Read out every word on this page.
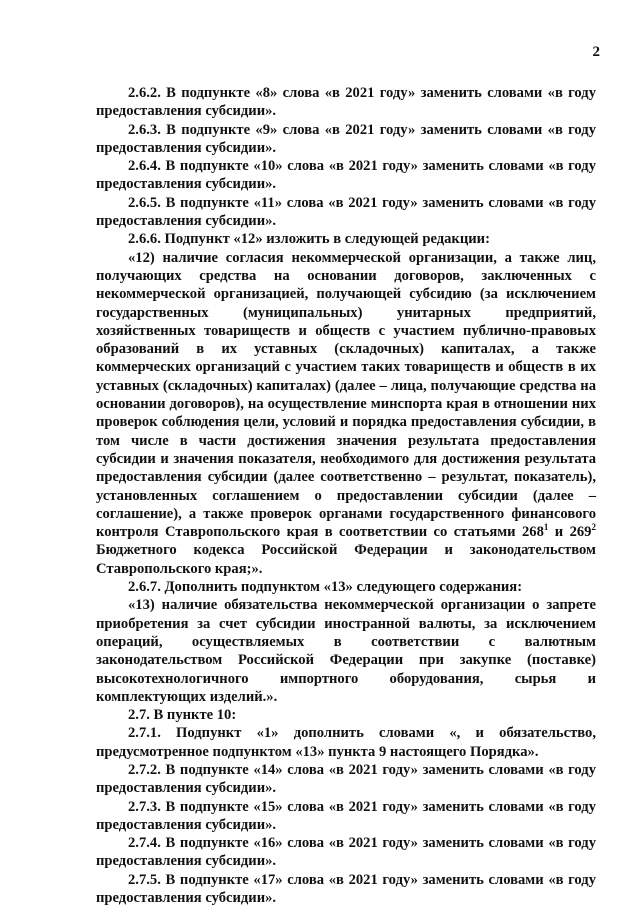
2

2.6.2. В подпункте «8» слова «в 2021 году» заменить словами «в году предоставления субсидии».

2.6.3. В подпункте «9» слова «в 2021 году» заменить словами «в году предоставления субсидии».

2.6.4. В подпункте «10» слова «в 2021 году» заменить словами «в году предоставления субсидии».

2.6.5. В подпункте «11» слова «в 2021 году» заменить словами «в году предоставления субсидии».

2.6.6. Подпункт «12» изложить в следующей редакции:

«12) наличие согласия некоммерческой организации, а также лиц, получающих средства на основании договоров, заключенных с некоммерческой организацией, получающей субсидию (за исключением государственных (муниципальных) унитарных предприятий, хозяйственных товариществ и обществ с участием публично-правовых образований в их уставных (складочных) капиталах, а также коммерческих организаций с участием таких товариществ и обществ в их уставных (складочных) капиталах) (далее – лица, получающие средства на основании договоров), на осуществление минспорта края в отношении них проверок соблюдения цели, условий и порядка предоставления субсидии, в том числе в части достижения значения результата предоставления субсидии и значения показателя, необходимого для достижения результата предоставления субсидии (далее соответственно – результат, показатель), установленных соглашением о предоставлении субсидии (далее – соглашение), а также проверок органами государственного финансового контроля Ставропольского края в соответствии со статьями $268^1$ и $269^2$ Бюджетного кодекса Российской Федерации и законодательством Ставропольского края;».

2.6.7. Дополнить подпунктом «13» следующего содержания:

«13) наличие обязательства некоммерческой организации о запрете приобретения за счет субсидии иностранной валюты, за исключением операций, осуществляемых в соответствии с валютным законодательством Российской Федерации при закупке (поставке) высокотехнологичного импортного оборудования, сырья и комплектующих изделий.».

2.7. В пункте 10:

2.7.1. Подпункт «1» дополнить словами «, и обязательство, предусмотренное подпунктом «13» пункта 9 настоящего Порядка».

2.7.2. В подпункте «14» слова «в 2021 году» заменить словами «в году предоставления субсидии».

2.7.3. В подпункте «15» слова «в 2021 году» заменить словами «в году предоставления субсидии».

2.7.4. В подпункте «16» слова «в 2021 году» заменить словами «в году предоставления субсидии».

2.7.5. В подпункте «17» слова «в 2021 году» заменить словами «в году предоставления субсидии».
